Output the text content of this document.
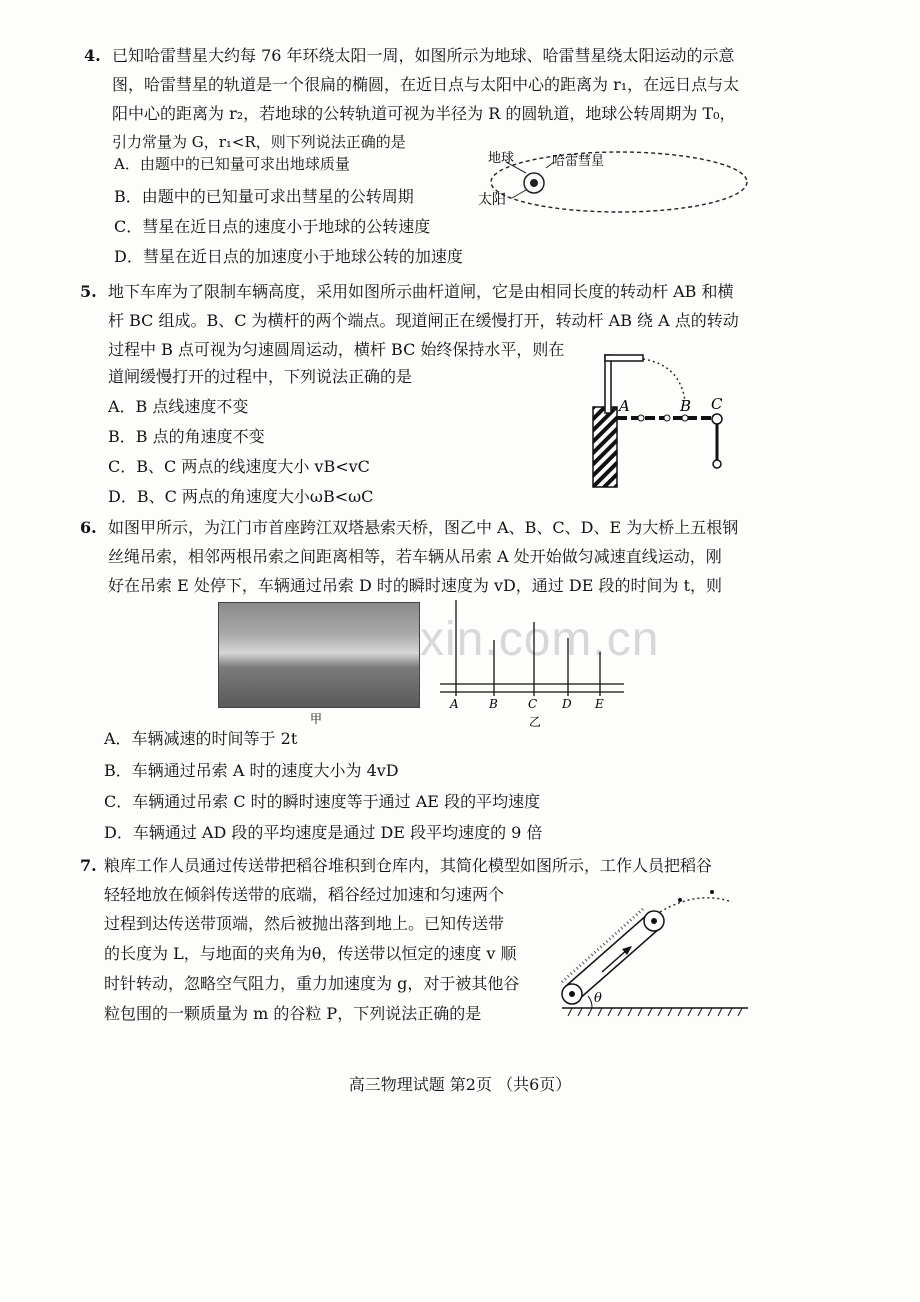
xin.com.cn
4. 已知哈雷彗星大约每 76 年环绕太阳一周，如图所示为地球、哈雷彗星绕太阳运动的示意
图，哈雷彗星的轨道是一个很扁的椭圆，在近日点与太阳中心的距离为 r₁，在远日点与太
阳中心的距离为 r₂，若地球的公转轨道可视为半径为 R 的圆轨道，地球公转周期为 T₀，
引力常量为 G，r₁<R，则下列说法正确的是
A．由题中的已知量可求出地球质量
B．由题中的已知量可求出彗星的公转周期
C．彗星在近日点的速度小于地球的公转速度
D．彗星在近日点的加速度小于地球公转的加速度
地球	哈雷彗星
太阳
5. 地下车库为了限制车辆高度，采用如图所示曲杆道闸，它是由相同长度的转动杆 AB 和横
杆 BC 组成。B、C 为横杆的两个端点。现道闸正在缓慢打开，转动杆 AB 绕 A 点的转动
过程中 B 点可视为匀速圆周运动，横杆 BC 始终保持水平，则在
道闸缓慢打开的过程中，下列说法正确的是
A．B 点线速度不变
B．B 点的角速度不变
C．B、C 两点的线速度大小 vB<vC
D．B、C 两点的角速度大小ωB<ωC
A	B C
6. 如图甲所示，为江门市首座跨江双塔悬索天桥，图乙中 A、B、C、D、E 为大桥上五根钢
丝绳吊索，相邻两根吊索之间距离相等，若车辆从吊索 A 处开始做匀减速直线运动，刚
好在吊索 E 处停下，车辆通过吊索 D 时的瞬时速度为 vD，通过 DE 段的时间为 t，则
甲
A	B	C D E
乙
A．车辆减速的时间等于 2t
B．车辆通过吊索 A 时的速度大小为 4vD
C．车辆通过吊索 C 时的瞬时速度等于通过 AE 段的平均速度
D．车辆通过 AD 段的平均速度是通过 DE 段平均速度的 9 倍
7. 粮库工作人员通过传送带把稻谷堆积到仓库内，其简化模型如图所示，工作人员把稻谷
轻轻地放在倾斜传送带的底端，稻谷经过加速和匀速两个
过程到达传送带顶端，然后被抛出落到地上。已知传送带
的长度为 L，与地面的夹角为θ，传送带以恒定的速度 v 顺
时针转动，忽略空气阻力，重力加速度为 g，对于被其他谷
粒包围的一颗质量为 m 的谷粒 P，下列说法正确的是
θ
高三物理试题 第2页 （共6页）
